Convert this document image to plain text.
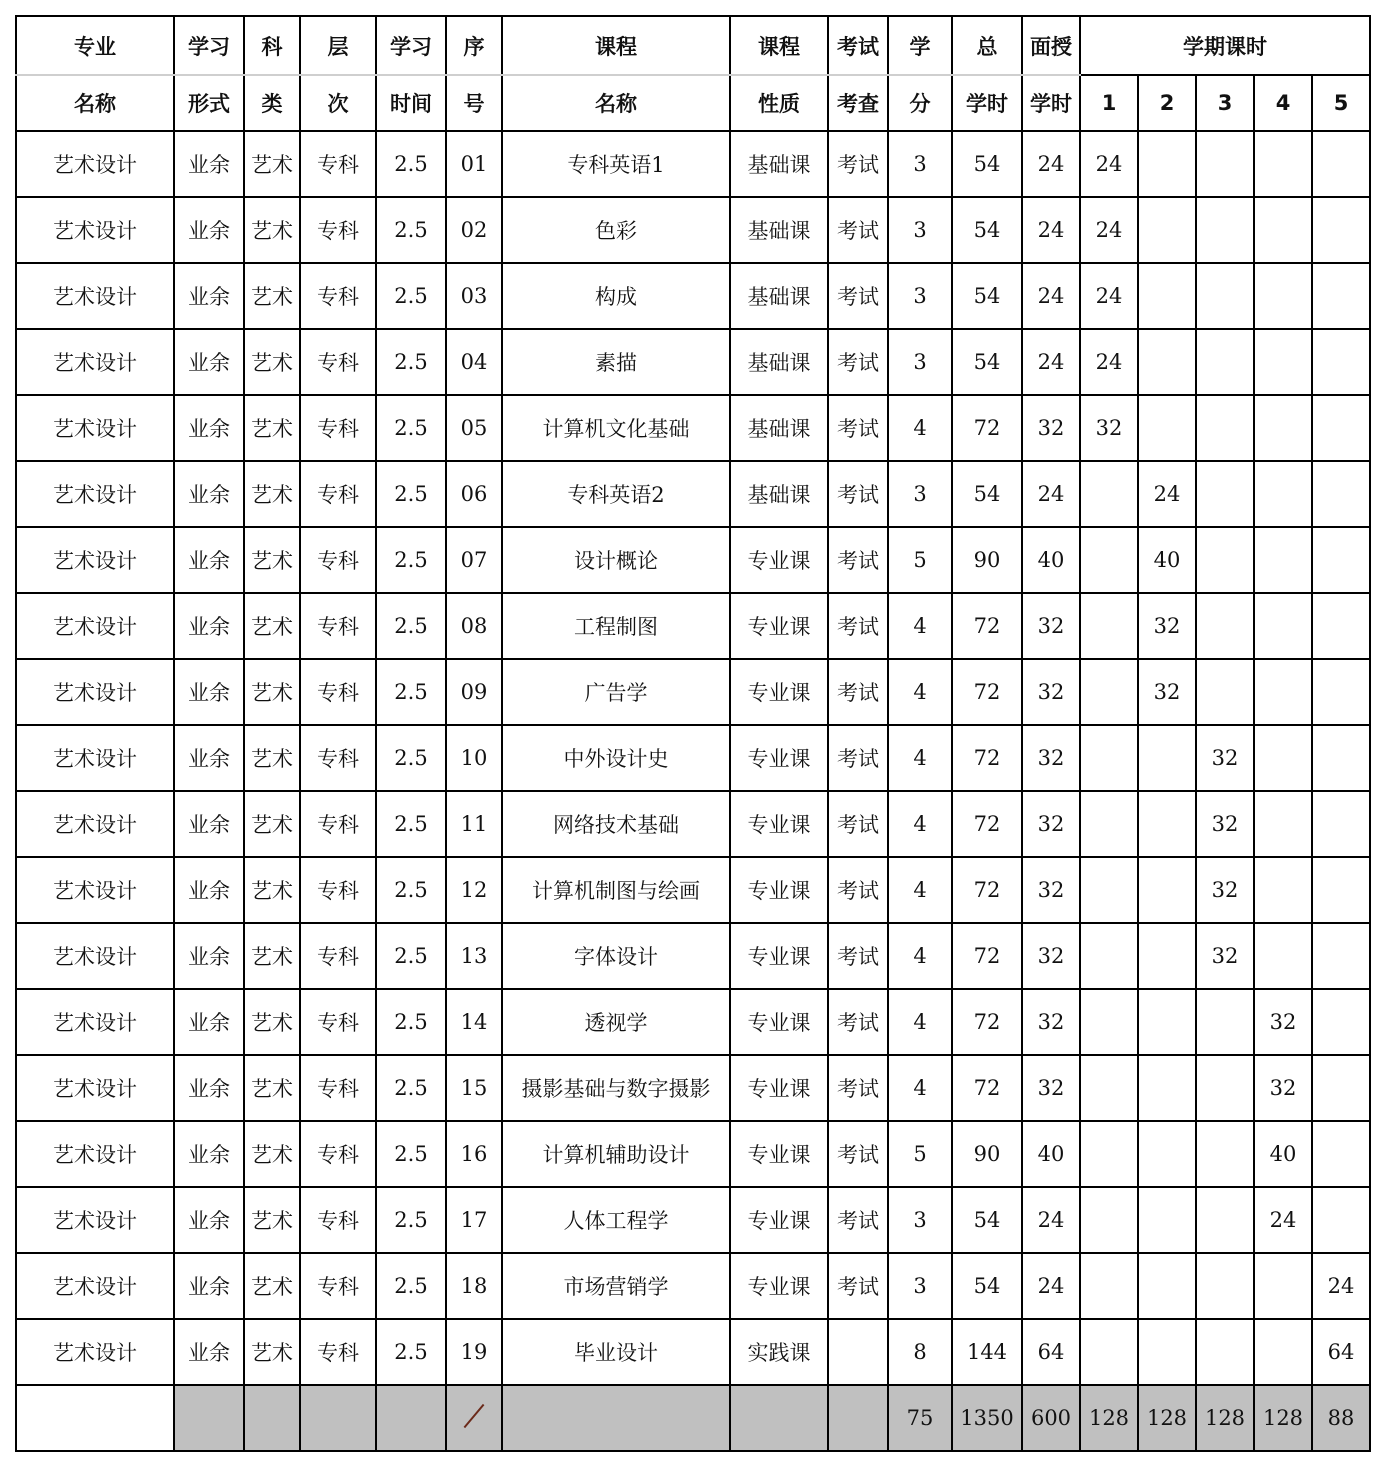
专业	学习	科	层	学习	序	课程	课程	考试	学	总	面授	学期课时				
名称	形式	类	次	时间	号	名称	性质	考查	分	学时	学时	1	2	3	4	5
艺术设计	业余	艺术	专科	2.5	01	专科英语1	基础课	考试	3	54	24	24				
艺术设计	业余	艺术	专科	2.5	02	色彩	基础课	考试	3	54	24	24				
艺术设计	业余	艺术	专科	2.5	03	构成	基础课	考试	3	54	24	24				
艺术设计	业余	艺术	专科	2.5	04	素描	基础课	考试	3	54	24	24				
艺术设计	业余	艺术	专科	2.5	05	计算机文化基础	基础课	考试	4	72	32	32				
艺术设计	业余	艺术	专科	2.5	06	专科英语2	基础课	考试	3	54	24		24			
艺术设计	业余	艺术	专科	2.5	07	设计概论	专业课	考试	5	90	40		40			
艺术设计	业余	艺术	专科	2.5	08	工程制图	专业课	考试	4	72	32		32			
艺术设计	业余	艺术	专科	2.5	09	广告学	专业课	考试	4	72	32		32			
艺术设计	业余	艺术	专科	2.5	10	中外设计史	专业课	考试	4	72	32			32		
艺术设计	业余	艺术	专科	2.5	11	网络技术基础	专业课	考试	4	72	32			32		
艺术设计	业余	艺术	专科	2.5	12	计算机制图与绘画	专业课	考试	4	72	32			32		
艺术设计	业余	艺术	专科	2.5	13	字体设计	专业课	考试	4	72	32			32		
艺术设计	业余	艺术	专科	2.5	14	透视学	专业课	考试	4	72	32				32	
艺术设计	业余	艺术	专科	2.5	15	摄影基础与数字摄影	专业课	考试	4	72	32				32	
艺术设计	业余	艺术	专科	2.5	16	计算机辅助设计	专业课	考试	5	90	40				40	
艺术设计	业余	艺术	专科	2.5	17	人体工程学	专业课	考试	3	54	24				24	
艺术设计	业余	艺术	专科	2.5	18	市场营销学	专业课	考试	3	54	24					24
艺术设计	业余	艺术	专科	2.5	19	毕业设计	实践课		8	144	64					64
									75	1350	600	128	128	128	128	88
